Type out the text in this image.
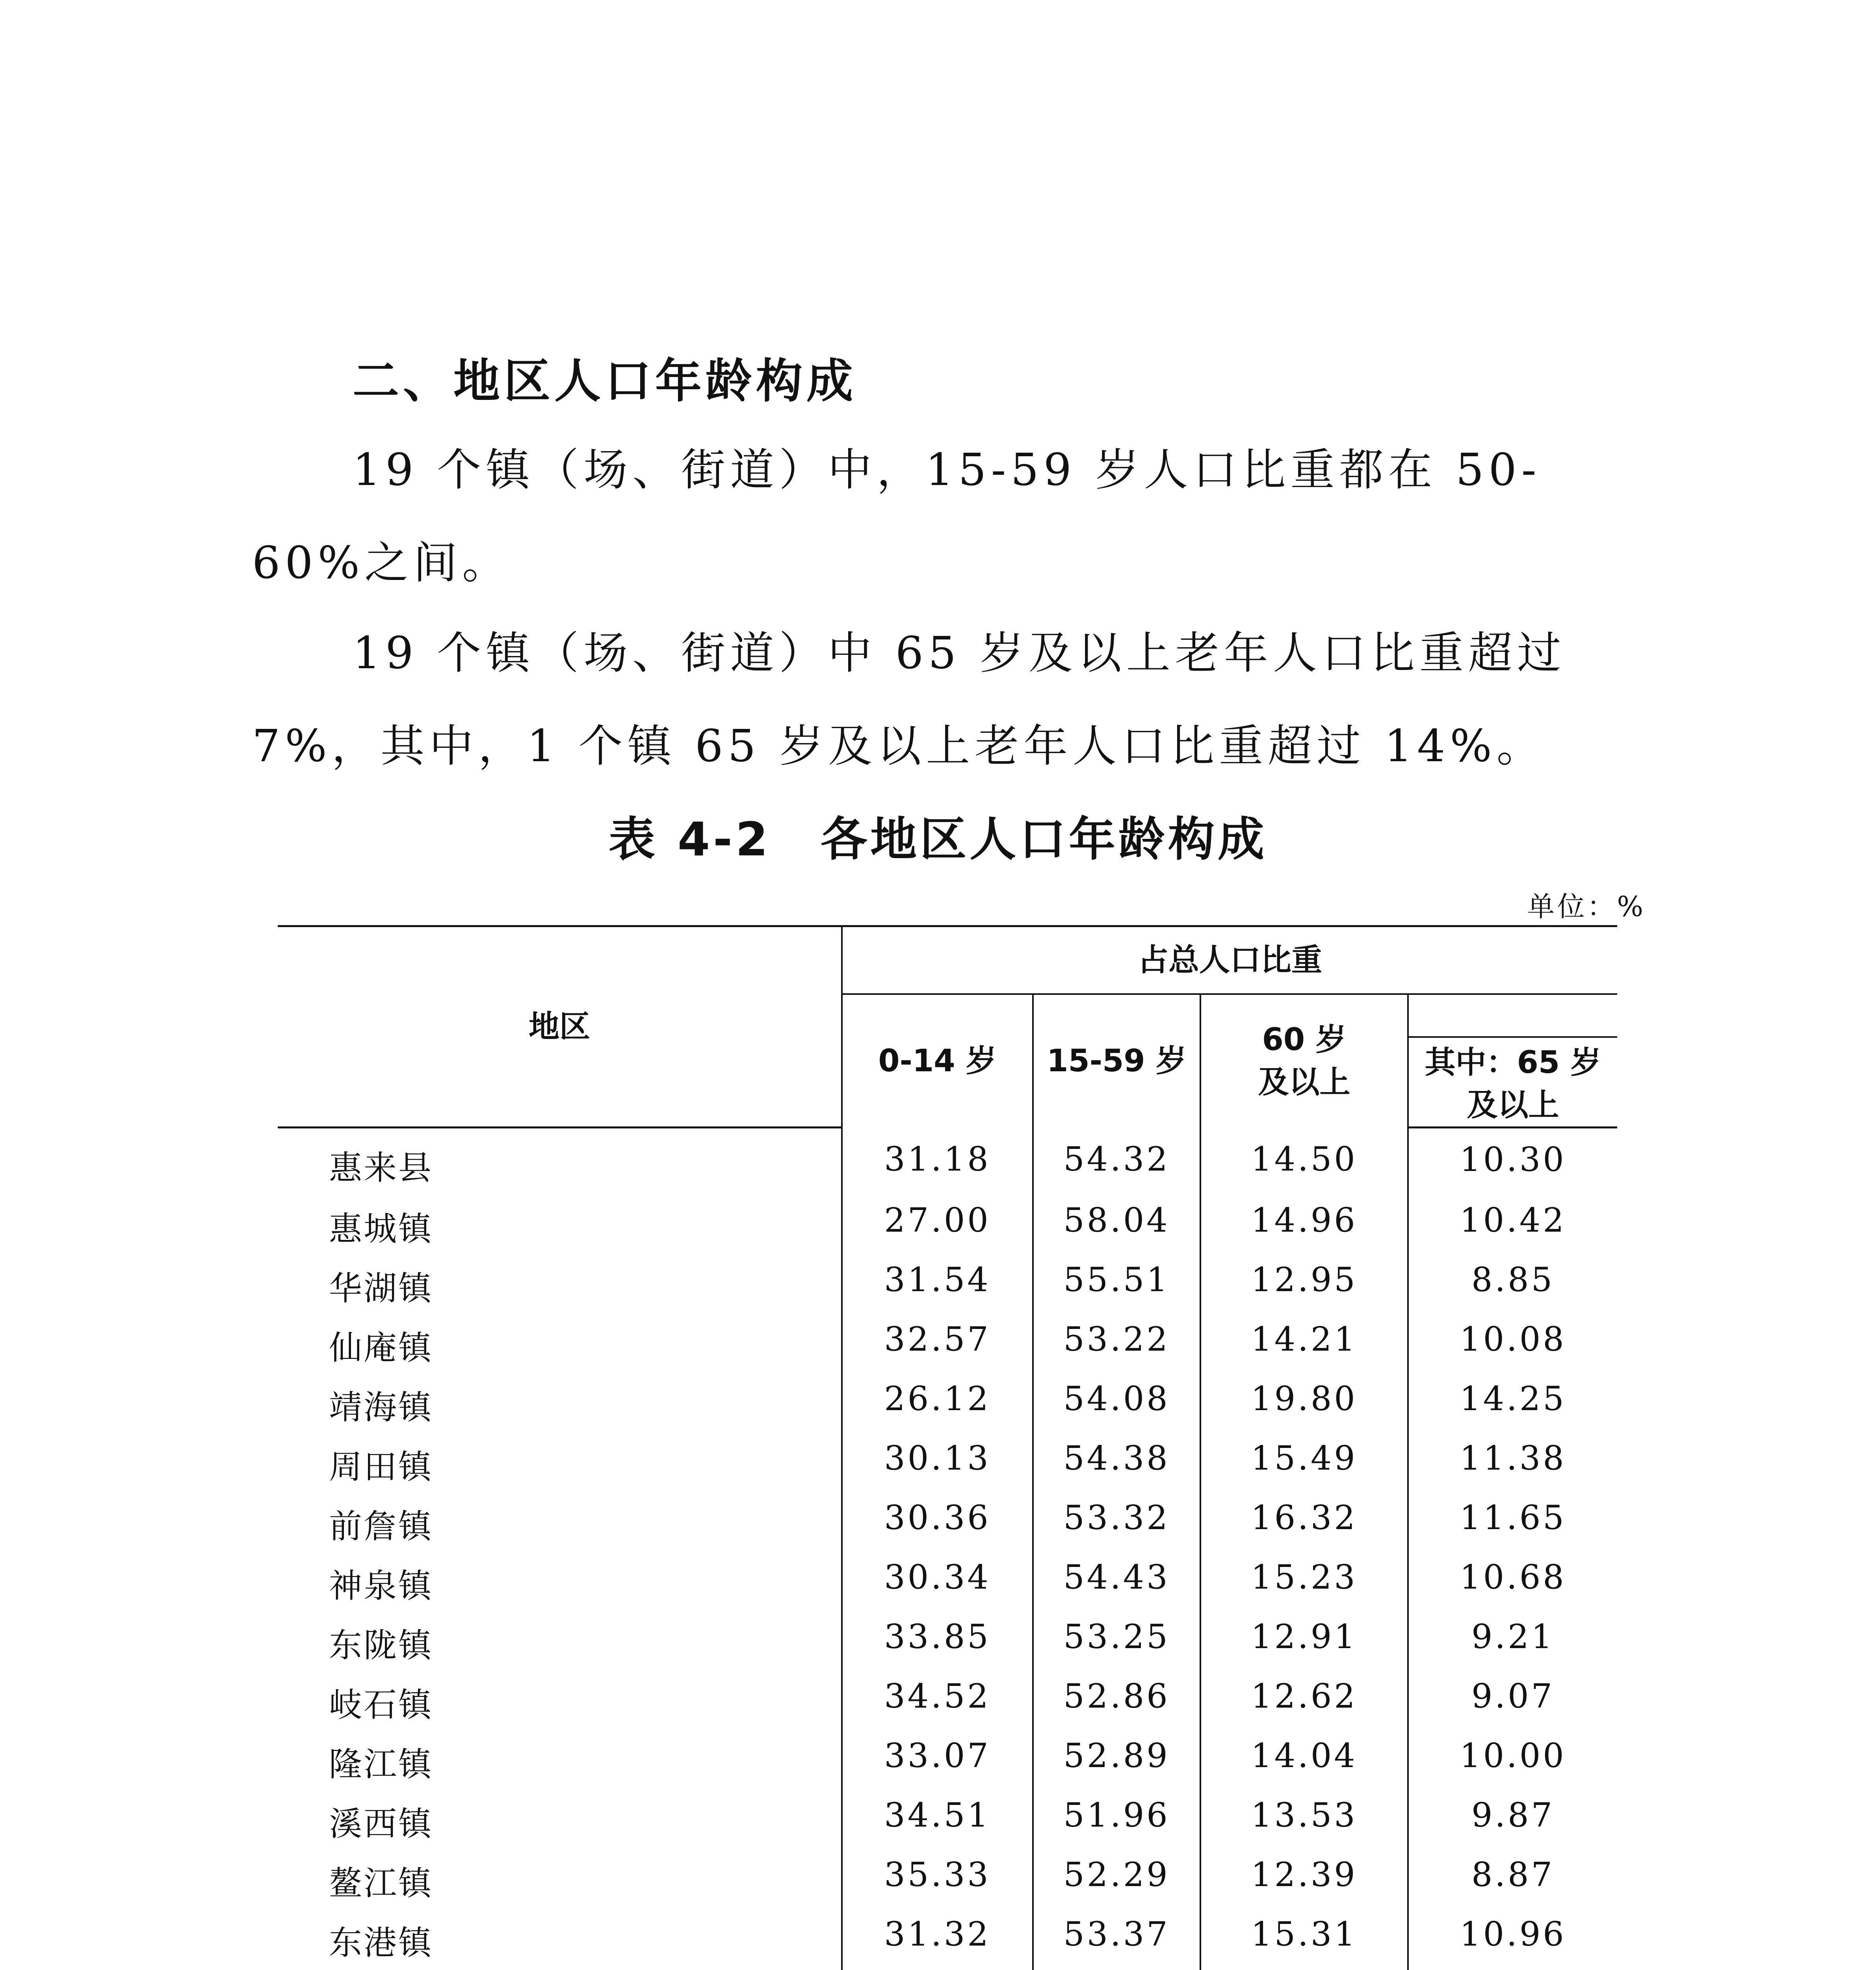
二、地区人口年龄构成

19 个镇（场、街道）中，15-59 岁人口比重都在 50-60%之间。

19 个镇（场、街道）中 65 岁及以上老年人口比重超过 7%，其中，1 个镇 65 岁及以上老年人口比重超过 14%。

表 4-2　各地区人口年龄构成
单位：%
地区	占总人口比重			
	0-14 岁	15-59 岁	60 岁
及以上	

				其中：65 岁
及以上

惠来县	31.18	54.32	14.50	10.30
惠城镇	27.00	58.04	14.96	10.42
华湖镇	31.54	55.51	12.95	8.85
仙庵镇	32.57	53.22	14.21	10.08
靖海镇	26.12	54.08	19.80	14.25
周田镇	30.13	54.38	15.49	11.38
前詹镇	30.36	53.32	16.32	11.65
神泉镇	30.34	54.43	15.23	10.68
东陇镇	33.85	53.25	12.91	9.21
岐石镇	34.52	52.86	12.62	9.07
隆江镇	33.07	52.89	14.04	10.00
溪西镇	34.51	51.96	13.53	9.87
鳌江镇	35.33	52.29	12.39	8.87
东港镇	31.32	53.37	15.31	10.96
